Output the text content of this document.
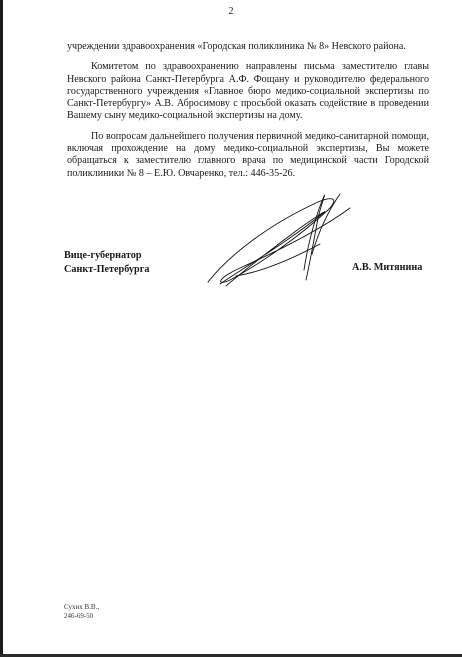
2

учреждении здравоохранения «Городская поликлиника № 8» Невского района.

Комитетом по здравоохранению направлены письма заместителю главы Невского района Санкт-Петербурга А.Ф. Фощану и руководителю федерального государственного учреждения «Главное бюро медико-социальной экспертизы по Санкт-Петербургу» А.В. Абросимову с просьбой оказать содействие в проведении Вашему сыну медико-социальной экспертизы на дому.

По вопросам дальнейшего получения первичной медико-санитарной помощи, включая прохождение на дому медико-социальной экспертизы, Вы можете обращаться к заместителю главного врача по медицинской части Городской поликлиники № 8 – Е.Ю. Овчаренко, тел.: 446-35-26.

Вице-губернатор
Санкт-Петербурга	А.В. Митянина
Сухих В.В.,
246-69-50
